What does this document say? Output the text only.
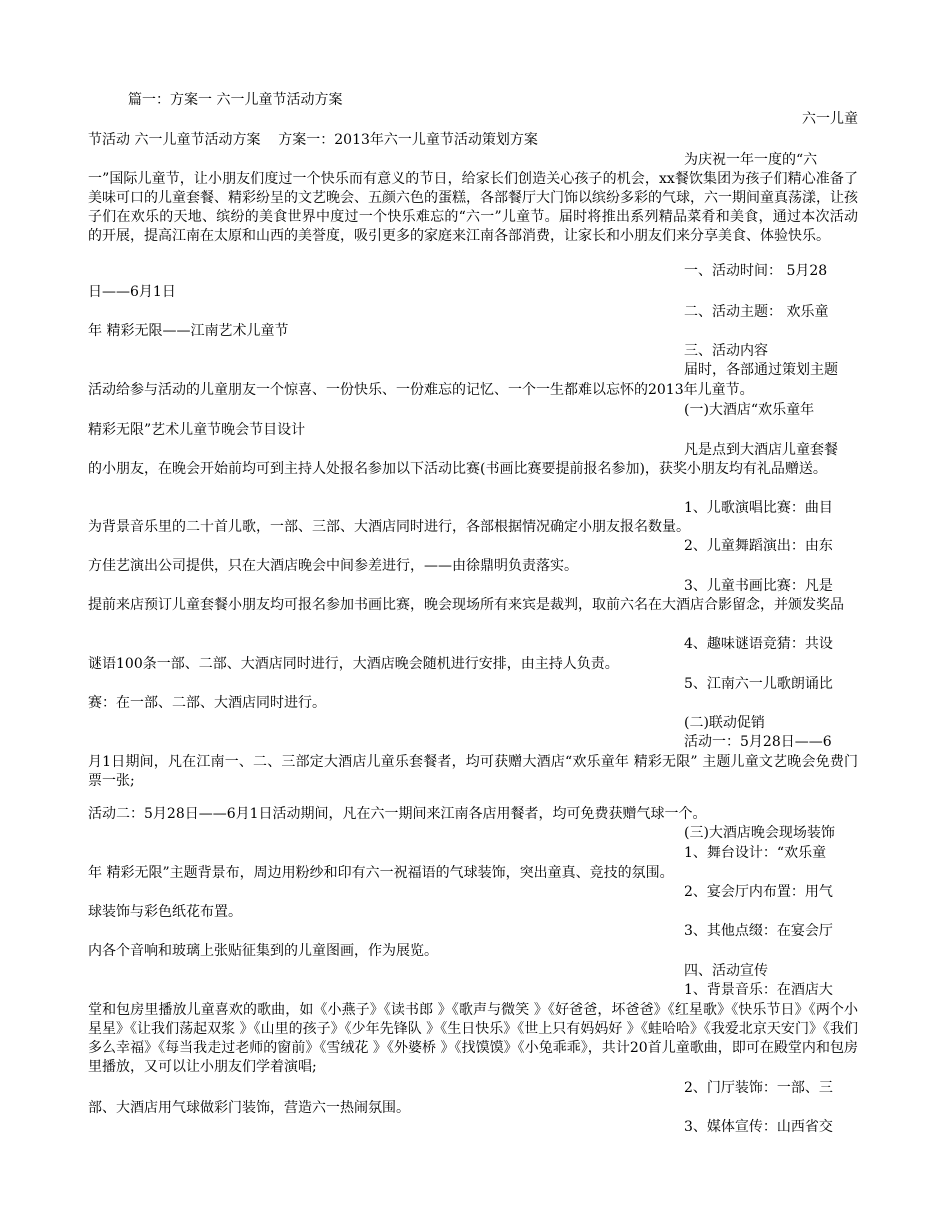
篇一：方案一 六一儿童节活动方案

六一儿童

节活动 六一儿童节活动方案    方案一：2013年六一儿童节活动策划方案

为庆祝一年一度的“六

一”国际儿童节，让小朋友们度过一个快乐而有意义的节日，给家长们创造关心孩子的机会，xx餐饮集团为孩子们精心准备了美味可口的儿童套餐、精彩纷呈的文艺晚会、五颜六色的蛋糕，各部餐厅大门饰以缤纷多彩的气球，六一期间童真荡漾，让孩子们在欢乐的天地、缤纷的美食世界中度过一个快乐难忘的“六一”儿童节。届时将推出系列精品菜肴和美食，通过本次活动的开展，提高江南在太原和山西的美誉度，吸引更多的家庭来江南各部消费，让家长和小朋友们来分享美食、体验快乐。

一、活动时间： 5月28

日——6月1日

二、活动主题： 欢乐童

年 精彩无限——江南艺术儿童节

三、活动内容

届时，各部通过策划主题

活动给参与活动的儿童朋友一个惊喜、一份快乐、一份难忘的记忆、一个一生都难以忘怀的2013年儿童节。

(一)大酒店“欢乐童年

精彩无限”艺术儿童节晚会节目设计

凡是点到大酒店儿童套餐

的小朋友，在晚会开始前均可到主持人处报名参加以下活动比赛(书画比赛要提前报名参加)，获奖小朋友均有礼品赠送。

1、儿歌演唱比赛：曲目

为背景音乐里的二十首儿歌，一部、三部、大酒店同时进行，各部根据情况确定小朋友报名数量。

2、儿童舞蹈演出：由东

方佳艺演出公司提供，只在大酒店晚会中间参差进行，——由徐鼎明负责落实。

3、儿童书画比赛：凡是

提前来店预订儿童套餐小朋友均可报名参加书画比赛，晚会现场所有来宾是裁判，取前六名在大酒店合影留念，并颁发奖品

4、趣味谜语竞猜：共设

谜语100条一部、二部、大酒店同时进行，大酒店晚会随机进行安排，由主持人负责。

5、江南六一儿歌朗诵比

赛：在一部、二部、大酒店同时进行。

(二)联动促销

活动一：5月28日——6

月1日期间，凡在江南一、二、三部定大酒店儿童乐套餐者，均可获赠大酒店“欢乐童年 精彩无限” 主题儿童文艺晚会免费门票一张;

活动二：5月28日——6月1日活动期间，凡在六一期间来江南各店用餐者，均可免费获赠气球一个。

(三)大酒店晚会现场装饰

1、舞台设计：“欢乐童

年 精彩无限”主题背景布，周边用粉纱和印有六一祝福语的气球装饰，突出童真、竞技的氛围。

2、宴会厅内布置：用气

球装饰与彩色纸花布置。

3、其他点缀：在宴会厅

内各个音响和玻璃上张贴征集到的儿童图画，作为展览。

四、活动宣传

1、背景音乐：在酒店大

堂和包房里播放儿童喜欢的歌曲，如《小燕子》《读书郎 》《歌声与微笑 》《好爸爸，坏爸爸》《红星歌》《快乐节日》《两个小星星》《让我们荡起双浆 》《山里的孩子》《少年先锋队 》《生日快乐》《世上只有妈妈好 》《蛙哈哈》《我爱北京天安门》《我们多么幸福》《每当我走过老师的窗前》《雪绒花 》《外婆桥 》《找馍馍》《小兔乖乖》，共计20首儿童歌曲，即可在殿堂内和包房里播放，又可以让小朋友们学着演唱;

2、门厅装饰：一部、三

部、大酒店用气球做彩门装饰，营造六一热闹氛围。

3、媒体宣传：山西省交
